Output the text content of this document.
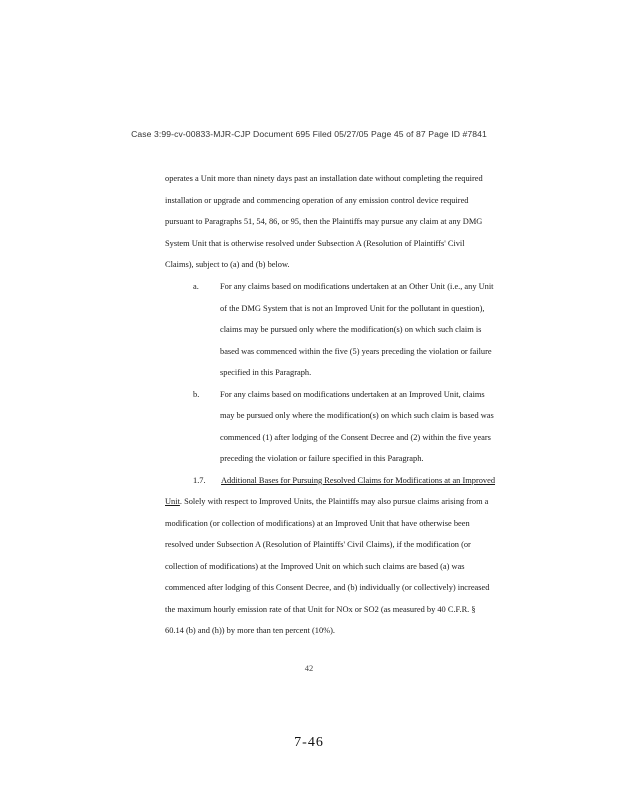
Case 3:99-cv-00833-MJR-CJP Document 695 Filed 05/27/05 Page 45 of 87 Page ID #7841
operates a Unit more than ninety days past an installation date without completing the required
installation or upgrade and commencing operation of any emission control device required
pursuant to Paragraphs 51, 54, 86, or 95, then the Plaintiffs may pursue any claim at any DMG
System Unit that is otherwise resolved under Subsection A (Resolution of Plaintiffs' Civil
Claims), subject to (a) and (b) below.
a.	For any claims based on modifications undertaken at an Other Unit (i.e., any Unit
of the DMG System that is not an Improved Unit for the pollutant in question),
claims may be pursued only where the modification(s) on which such claim is
based was commenced within the five (5) years preceding the violation or failure
specified in this Paragraph.
b. For any claims based on modifications undertaken at an Improved Unit, claims
may be pursued only where the modification(s) on which such claim is based was
commenced (1) after lodging of the Consent Decree and (2) within the five years
preceding the violation or failure specified in this Paragraph.
1.7. Additional Bases for Pursuing Resolved Claims for Modifications at an Improved
Unit. Solely with respect to Improved Units, the Plaintiffs may also pursue claims arising from a
modification (or collection of modifications) at an Improved Unit that have otherwise been
resolved under Subsection A (Resolution of Plaintiffs' Civil Claims), if the modification (or
collection of modifications) at the Improved Unit on which such claims are based (a) was
commenced after lodging of this Consent Decree, and (b) individually (or collectively) increased
the maximum hourly emission rate of that Unit for NOx or SO2 (as measured by 40 C.F.R. §
60.14 (b) and (h)) by more than ten percent (10%).
42
7-46
